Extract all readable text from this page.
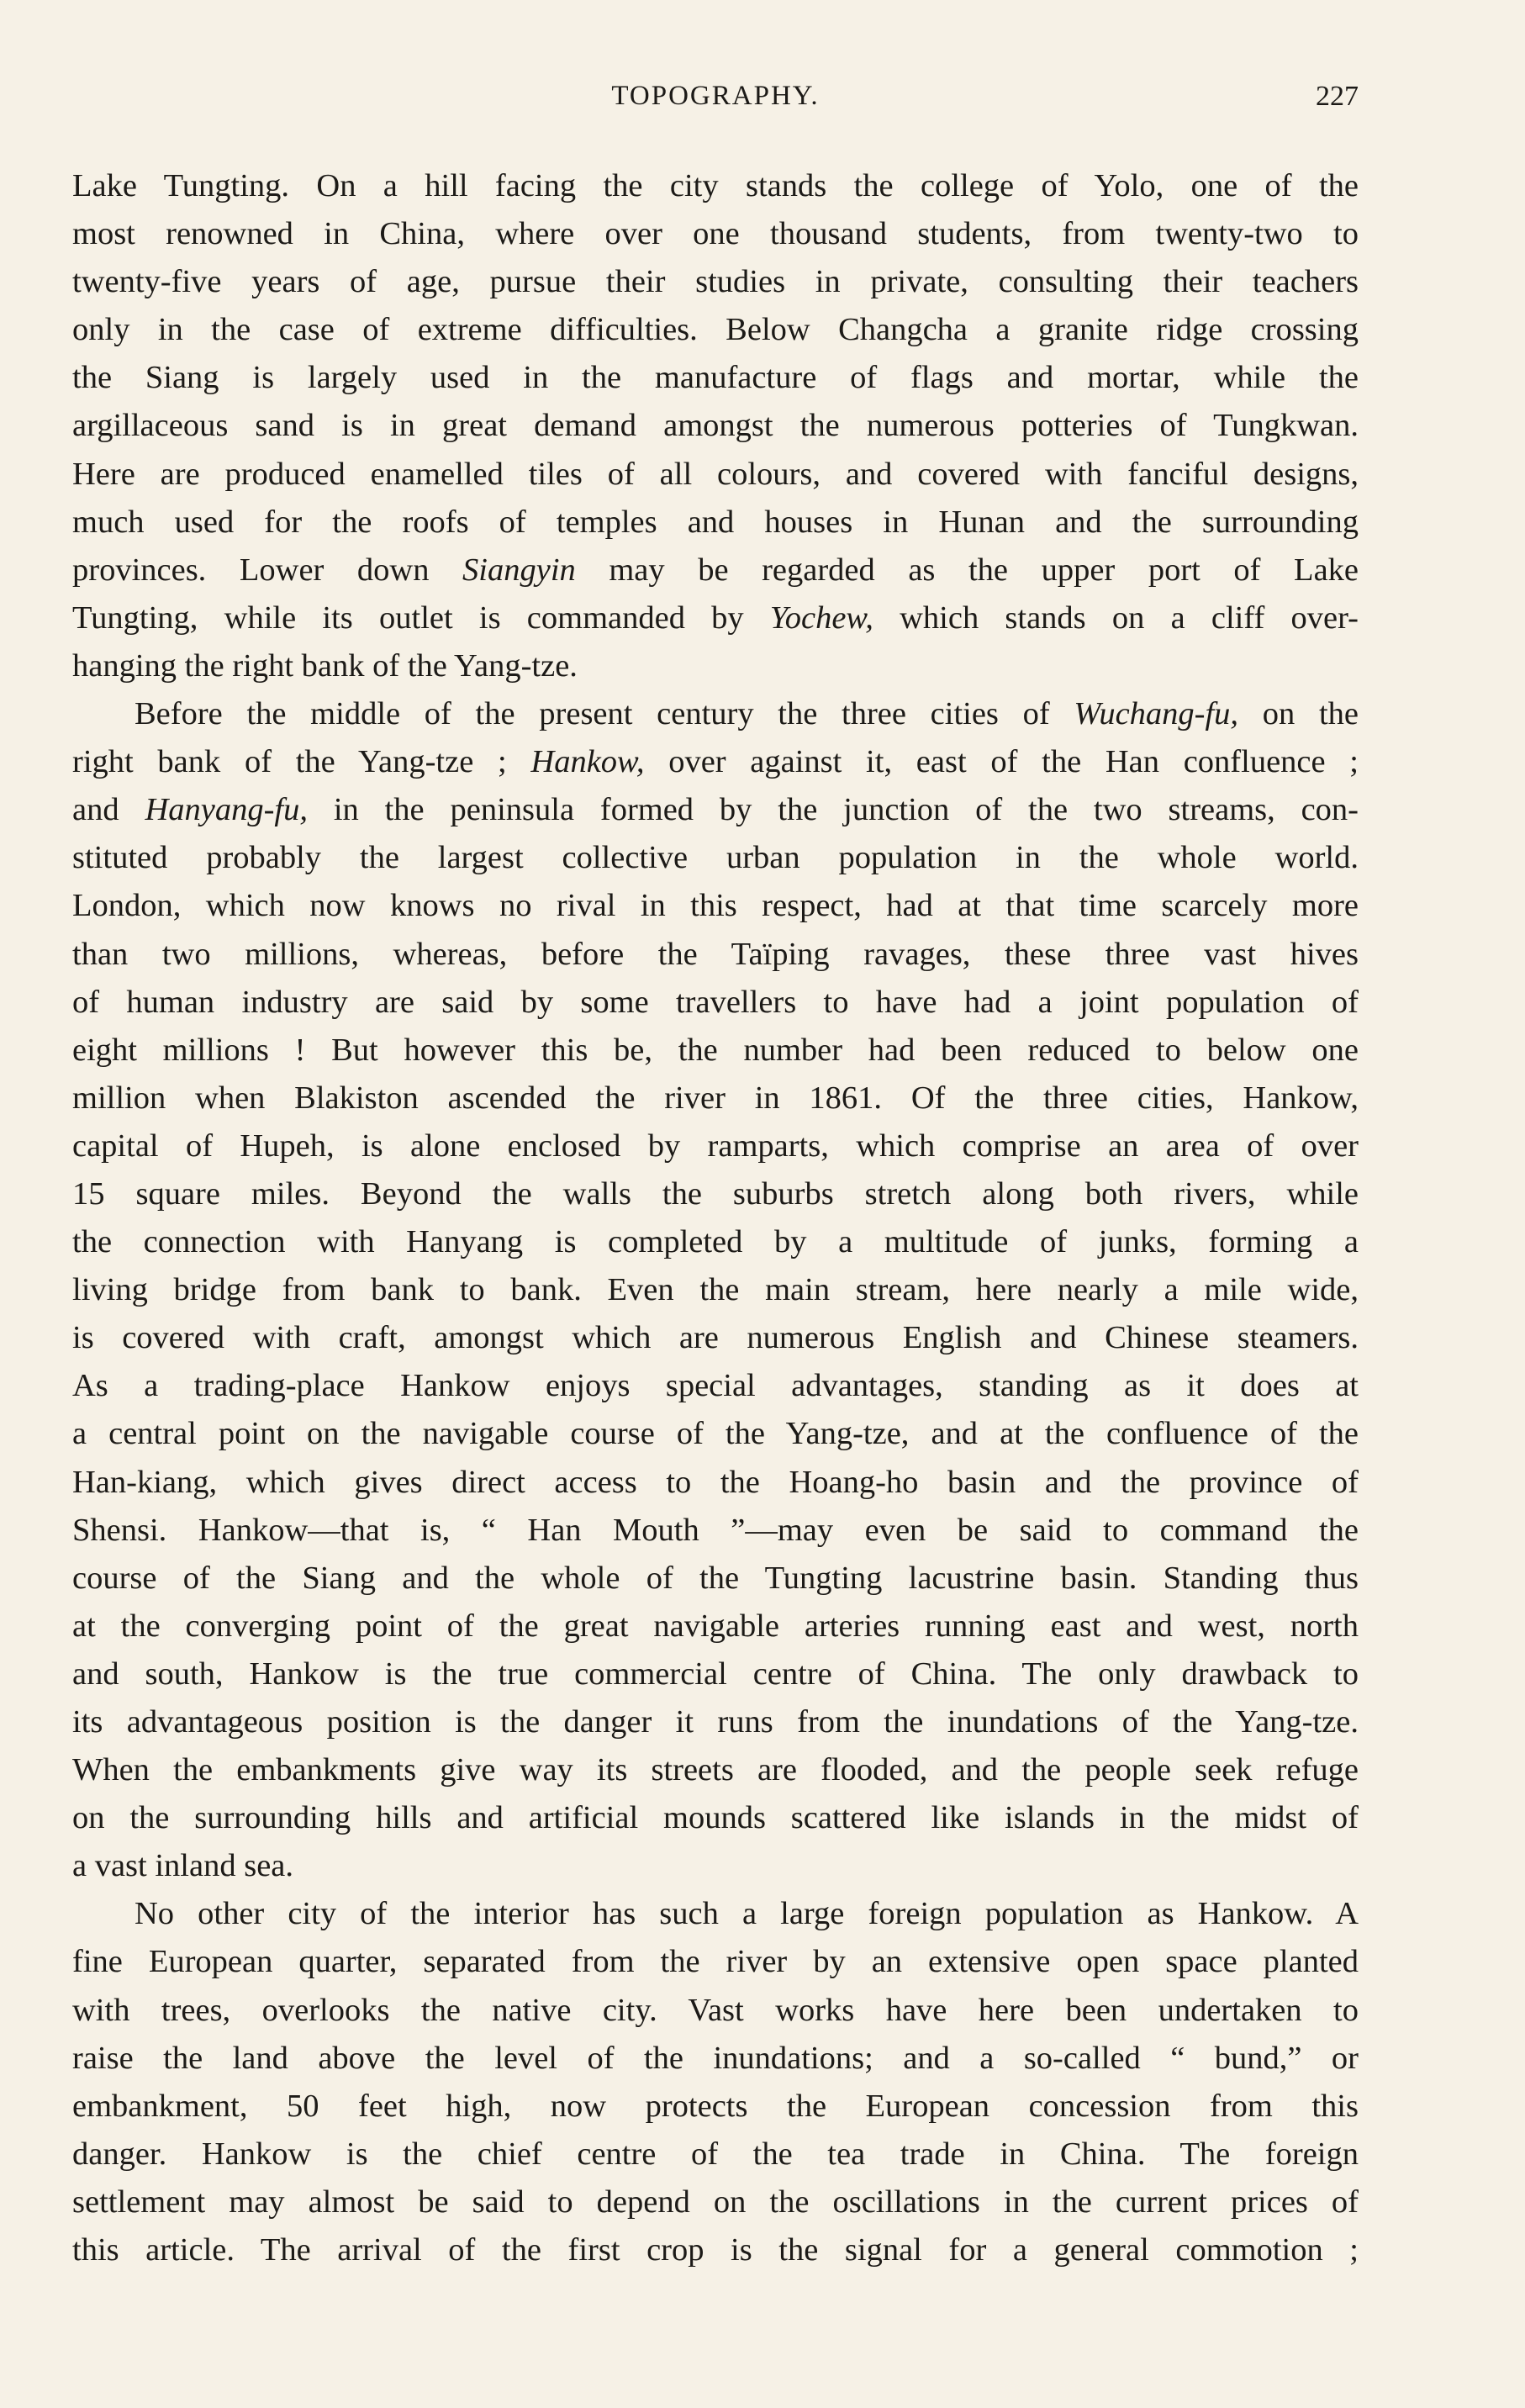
TOPOGRAPHY.	227
Lake Tungting. On a hill facing the city stands the college of Yolo, one of the
most renowned in China, where over one thousand students, from twenty-two to
twenty-five years of age, pursue their studies in private, consulting their teachers
only in the case of extreme difficulties. Below Changcha a granite ridge crossing
the Siang is largely used in the manufacture of flags and mortar, while the
argillaceous sand is in great demand amongst the numerous potteries of Tungkwan.
Here are produced enamelled tiles of all colours, and covered with fanciful designs,
much used for the roofs of temples and houses in Hunan and the surrounding
provinces. Lower down Siangyin may be regarded as the upper port of Lake
Tungting, while its outlet is commanded by Yochew, which stands on a cliff over-
hanging the right bank of the Yang-tze.
Before the middle of the present century the three cities of Wuchang-fu, on the
right bank of the Yang-tze ; Hankow, over against it, east of the Han confluence ;
and Hanyang-fu, in the peninsula formed by the junction of the two streams, con-
stituted probably the largest collective urban population in the whole world.
London, which now knows no rival in this respect, had at that time scarcely more
than two millions, whereas, before the Taïping ravages, these three vast hives
of human industry are said by some travellers to have had a joint population of
eight millions ! But however this be, the number had been reduced to below one
million when Blakiston ascended the river in 1861. Of the three cities, Hankow,
capital of Hupeh, is alone enclosed by ramparts, which comprise an area of over
15 square miles. Beyond the walls the suburbs stretch along both rivers, while
the connection with Hanyang is completed by a multitude of junks, forming a
living bridge from bank to bank. Even the main stream, here nearly a mile wide,
is covered with craft, amongst which are numerous English and Chinese steamers.
As a trading-place Hankow enjoys special advantages, standing as it does at
a central point on the navigable course of the Yang-tze, and at the confluence of the
Han-kiang, which gives direct access to the Hoang-ho basin and the province of
Shensi. Hankow—that is, “ Han Mouth ”—may even be said to command the
course of the Siang and the whole of the Tungting lacustrine basin. Standing thus
at the converging point of the great navigable arteries running east and west, north
and south, Hankow is the true commercial centre of China. The only drawback to
its advantageous position is the danger it runs from the inundations of the Yang-tze.
When the embankments give way its streets are flooded, and the people seek refuge
on the surrounding hills and artificial mounds scattered like islands in the midst of
a vast inland sea.
No other city of the interior has such a large foreign population as Hankow. A
fine European quarter, separated from the river by an extensive open space planted
with trees, overlooks the native city. Vast works have here been undertaken to
raise the land above the level of the inundations; and a so-called “ bund,” or
embankment, 50 feet high, now protects the European concession from this
danger. Hankow is the chief centre of the tea trade in China. The foreign
settlement may almost be said to depend on the oscillations in the current prices of
this article. The arrival of the first crop is the signal for a general commotion ;
